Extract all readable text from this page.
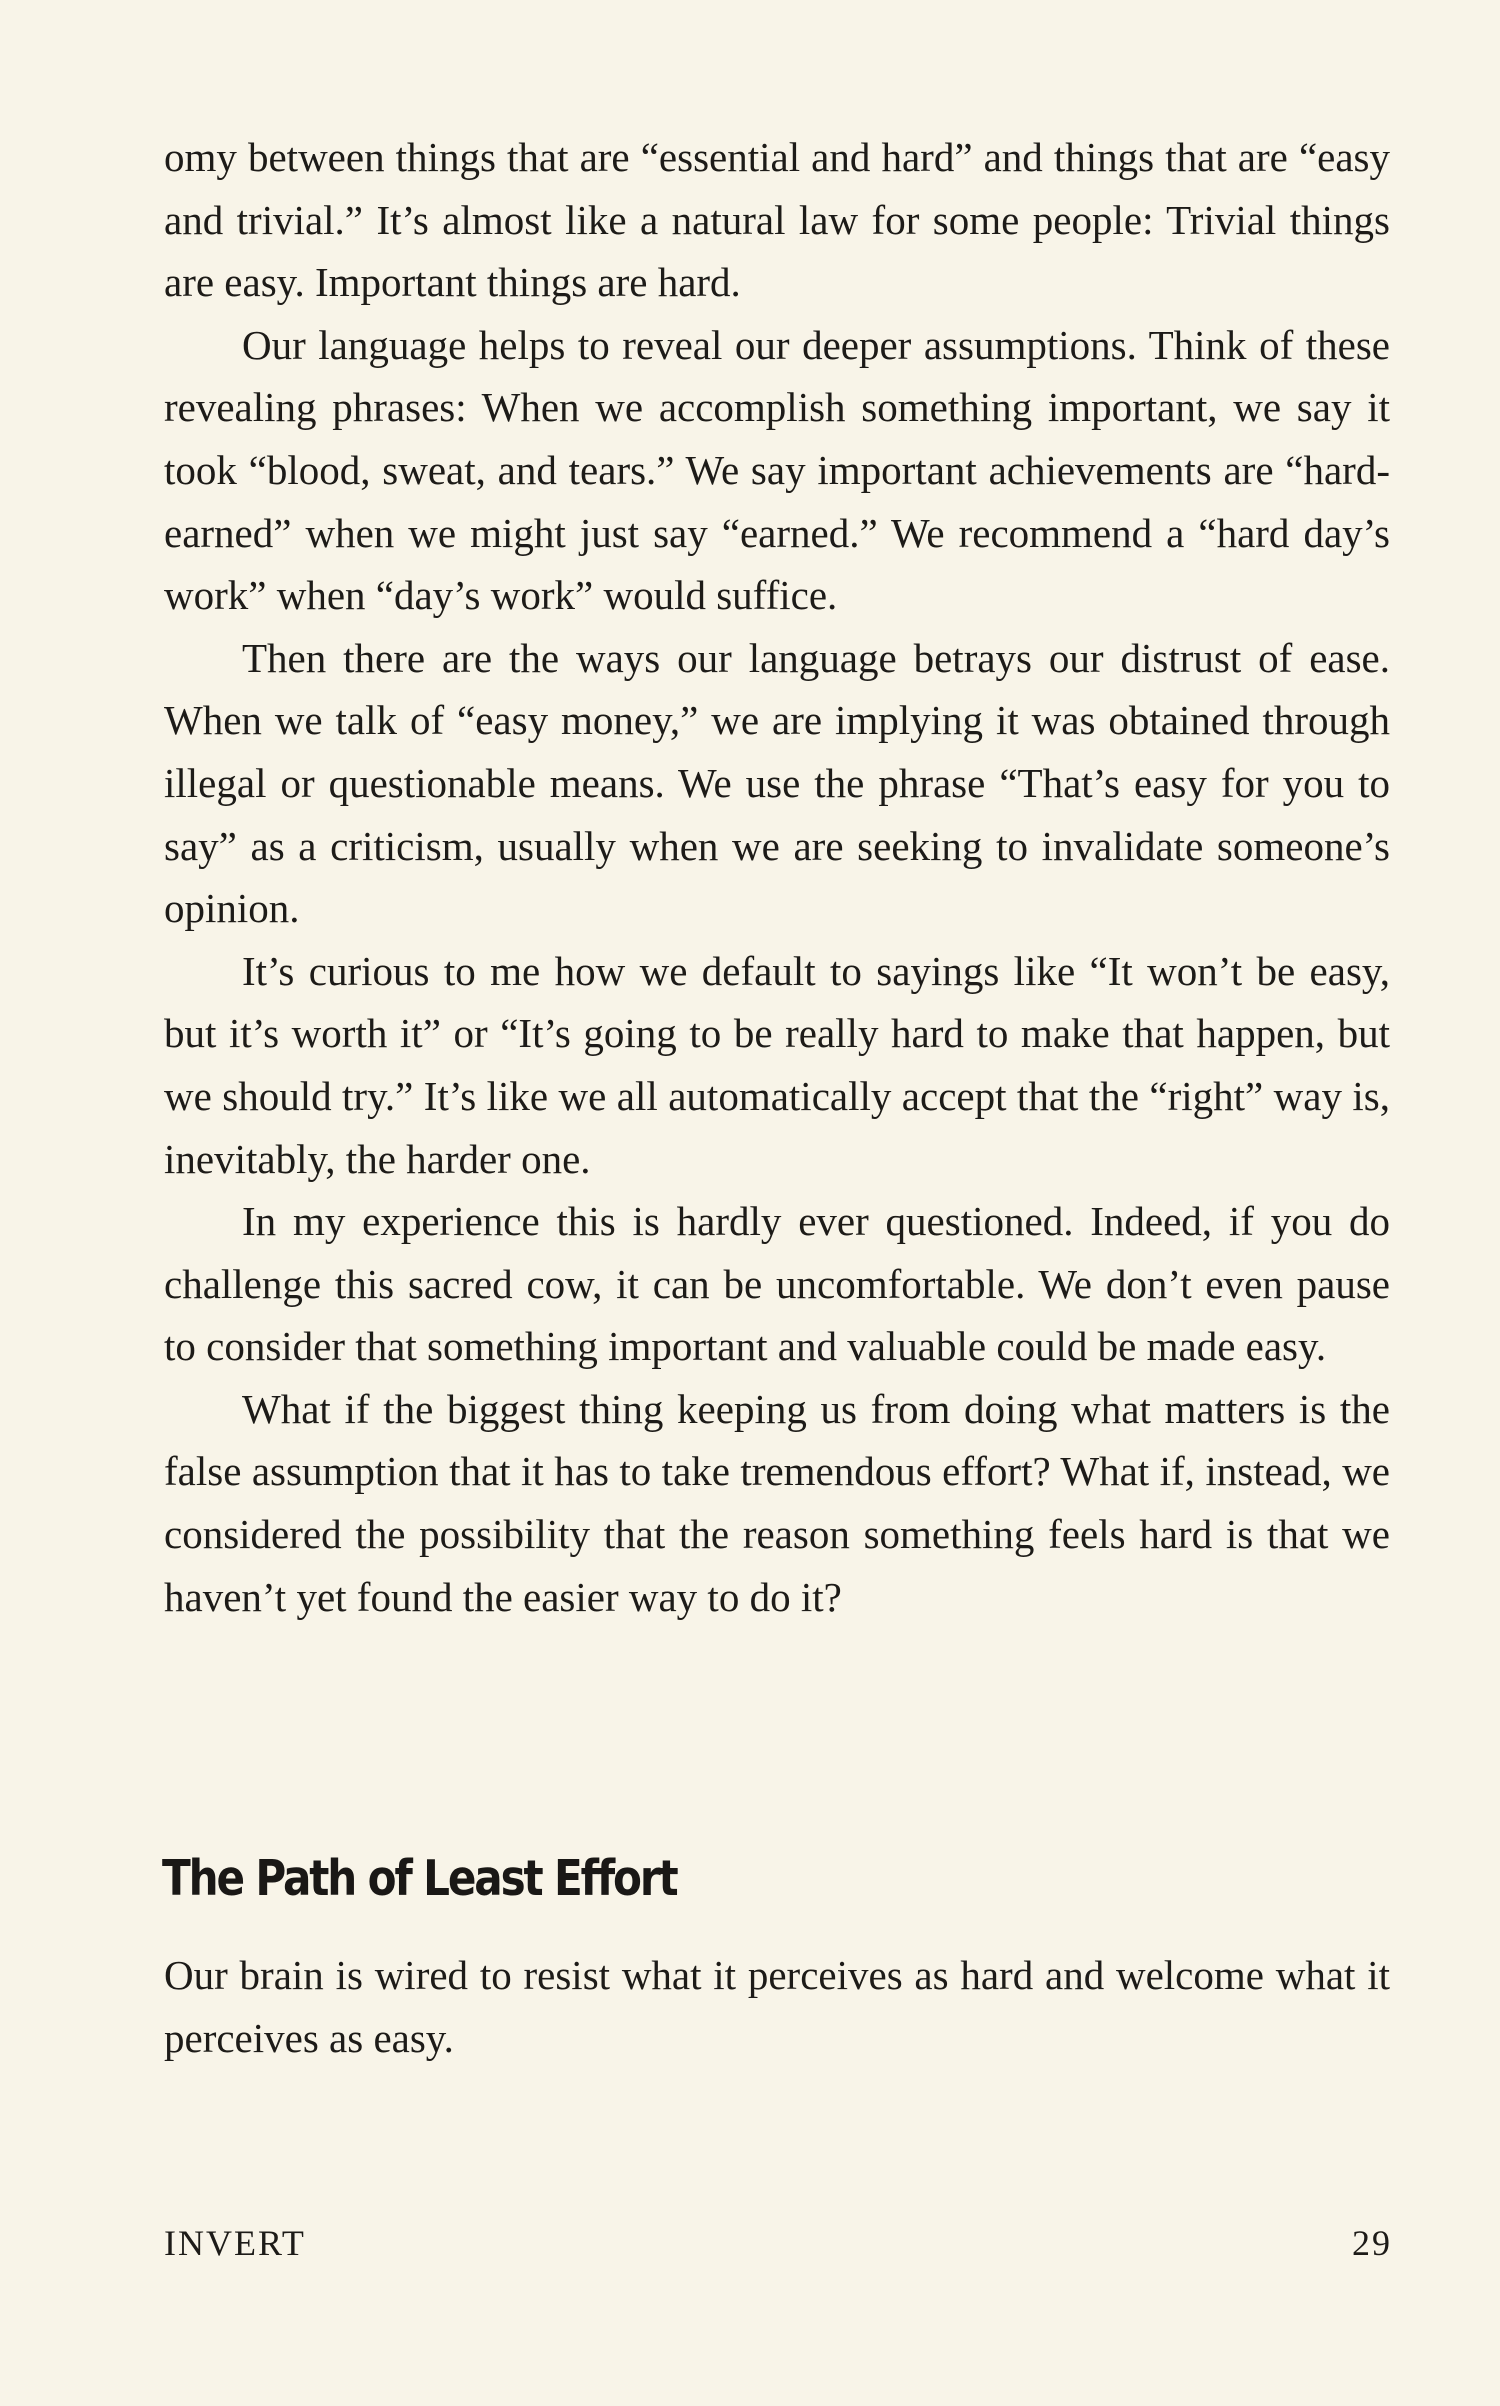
omy between things that are “essential and hard” and things that are “easy and trivial.” It’s almost like a natural law for some people: Trivial things are easy. Important things are hard.

Our language helps to reveal our deeper assumptions. Think of these revealing phrases: When we accomplish something important, we say it took “blood, sweat, and tears.” We say important achievements are “hard-earned” when we might just say “earned.” We recommend a “hard day’s work” when “day’s work” would suffice.

Then there are the ways our language betrays our distrust of ease. When we talk of “easy money,” we are implying it was obtained through illegal or questionable means. We use the phrase “That’s easy for you to say” as a criticism, usually when we are seeking to invalidate someone’s opinion.

It’s curious to me how we default to sayings like “It won’t be easy, but it’s worth it” or “It’s going to be really hard to make that happen, but we should try.” It’s like we all automatically accept that the “right” way is, inevitably, the harder one.

In my experience this is hardly ever questioned. Indeed, if you do challenge this sacred cow, it can be uncomfortable. We don’t even pause to consider that something important and valuable could be made easy.

What if the biggest thing keeping us from doing what matters is the false assumption that it has to take tremendous effort? What if, instead, we considered the possibility that the reason something feels hard is that we haven’t yet found the easier way to do it?

The Path of Least Effort

Our brain is wired to resist what it perceives as hard and welcome what it perceives as easy.

INVERT	29
